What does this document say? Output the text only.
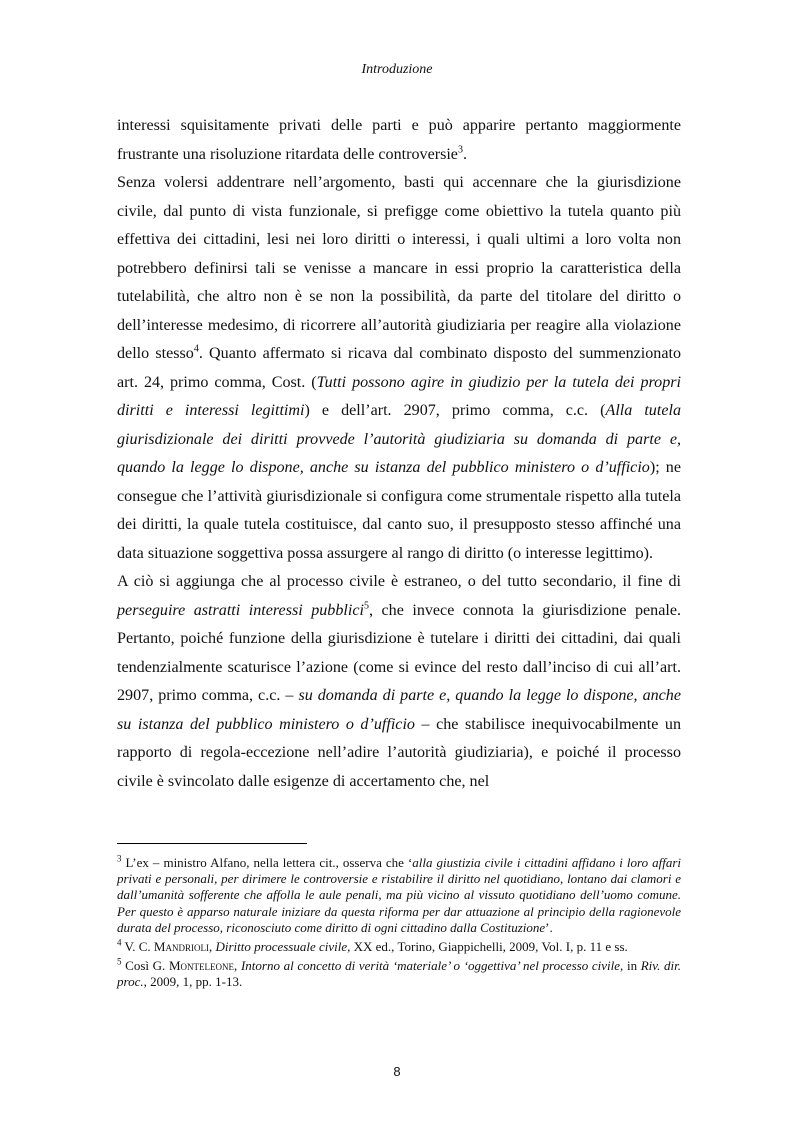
Introduzione

interessi squisitamente privati delle parti e può apparire pertanto maggiormente frustrante una risoluzione ritardata delle controversie$^3$.

Senza volersi addentrare nell’argomento, basti qui accennare che la giurisdizione civile, dal punto di vista funzionale, si prefigge come obiettivo la tutela quanto più effettiva dei cittadini, lesi nei loro diritti o interessi, i quali ultimi a loro volta non potrebbero definirsi tali se venisse a mancare in essi proprio la caratteristica della tutelabilità, che altro non è se non la possibilità, da parte del titolare del diritto o dell’interesse medesimo, di ricorrere all’autorità giudiziaria per reagire alla violazione dello stesso$^4$. Quanto affermato si ricava dal combinato disposto del summenzionato art. 24, primo comma, Cost. (Tutti possono agire in giudizio per la tutela dei propri diritti e interessi legittimi) e dell’art. 2907, primo comma, c.c. (Alla tutela giurisdizionale dei diritti provvede l’autorità giudiziaria su domanda di parte e, quando la legge lo dispone, anche su istanza del pubblico ministero o d’ufficio); ne consegue che l’attività giurisdizionale si configura come strumentale rispetto alla tutela dei diritti, la quale tutela costituisce, dal canto suo, il presupposto stesso affinché una data situazione soggettiva possa assurgere al rango di diritto (o interesse legittimo).

A ciò si aggiunga che al processo civile è estraneo, o del tutto secondario, il fine di perseguire astratti interessi pubblici$^5$, che invece connota la giurisdizione penale. Pertanto, poiché funzione della giurisdizione è tutelare i diritti dei cittadini, dai quali tendenzialmente scaturisce l’azione (come si evince del resto dall’inciso di cui all’art. 2907, primo comma, c.c. – su domanda di parte e, quando la legge lo dispone, anche su istanza del pubblico ministero o d’ufficio – che stabilisce inequivocabilmente un rapporto di regola-eccezione nell’adire l’autorità giudiziaria), e poiché il processo civile è svincolato dalle esigenze di accertamento che, nel

$^3$ L’ex – ministro Alfano, nella lettera cit., osserva che ‘alla giustizia civile i cittadini affidano i loro affari privati e personali, per dirimere le controversie e ristabilire il diritto nel quotidiano, lontano dai clamori e dall’umanità sofferente che affolla le aule penali, ma più vicino al vissuto quotidiano dell’uomo comune. Per questo è apparso naturale iniziare da questa riforma per dar attuazione al principio della ragionevole durata del processo, riconosciuto come diritto di ogni cittadino dalla Costituzione’.

$^4$ V. C. Mandrioli, Diritto processuale civile, XX ed., Torino, Giappichelli, 2009, Vol. I, p. 11 e ss.

$^5$ Così G. Monteleone, Intorno al concetto di verità ‘materiale’ o ‘oggettiva’ nel processo civile, in Riv. dir. proc., 2009, 1, pp. 1-13.

8
